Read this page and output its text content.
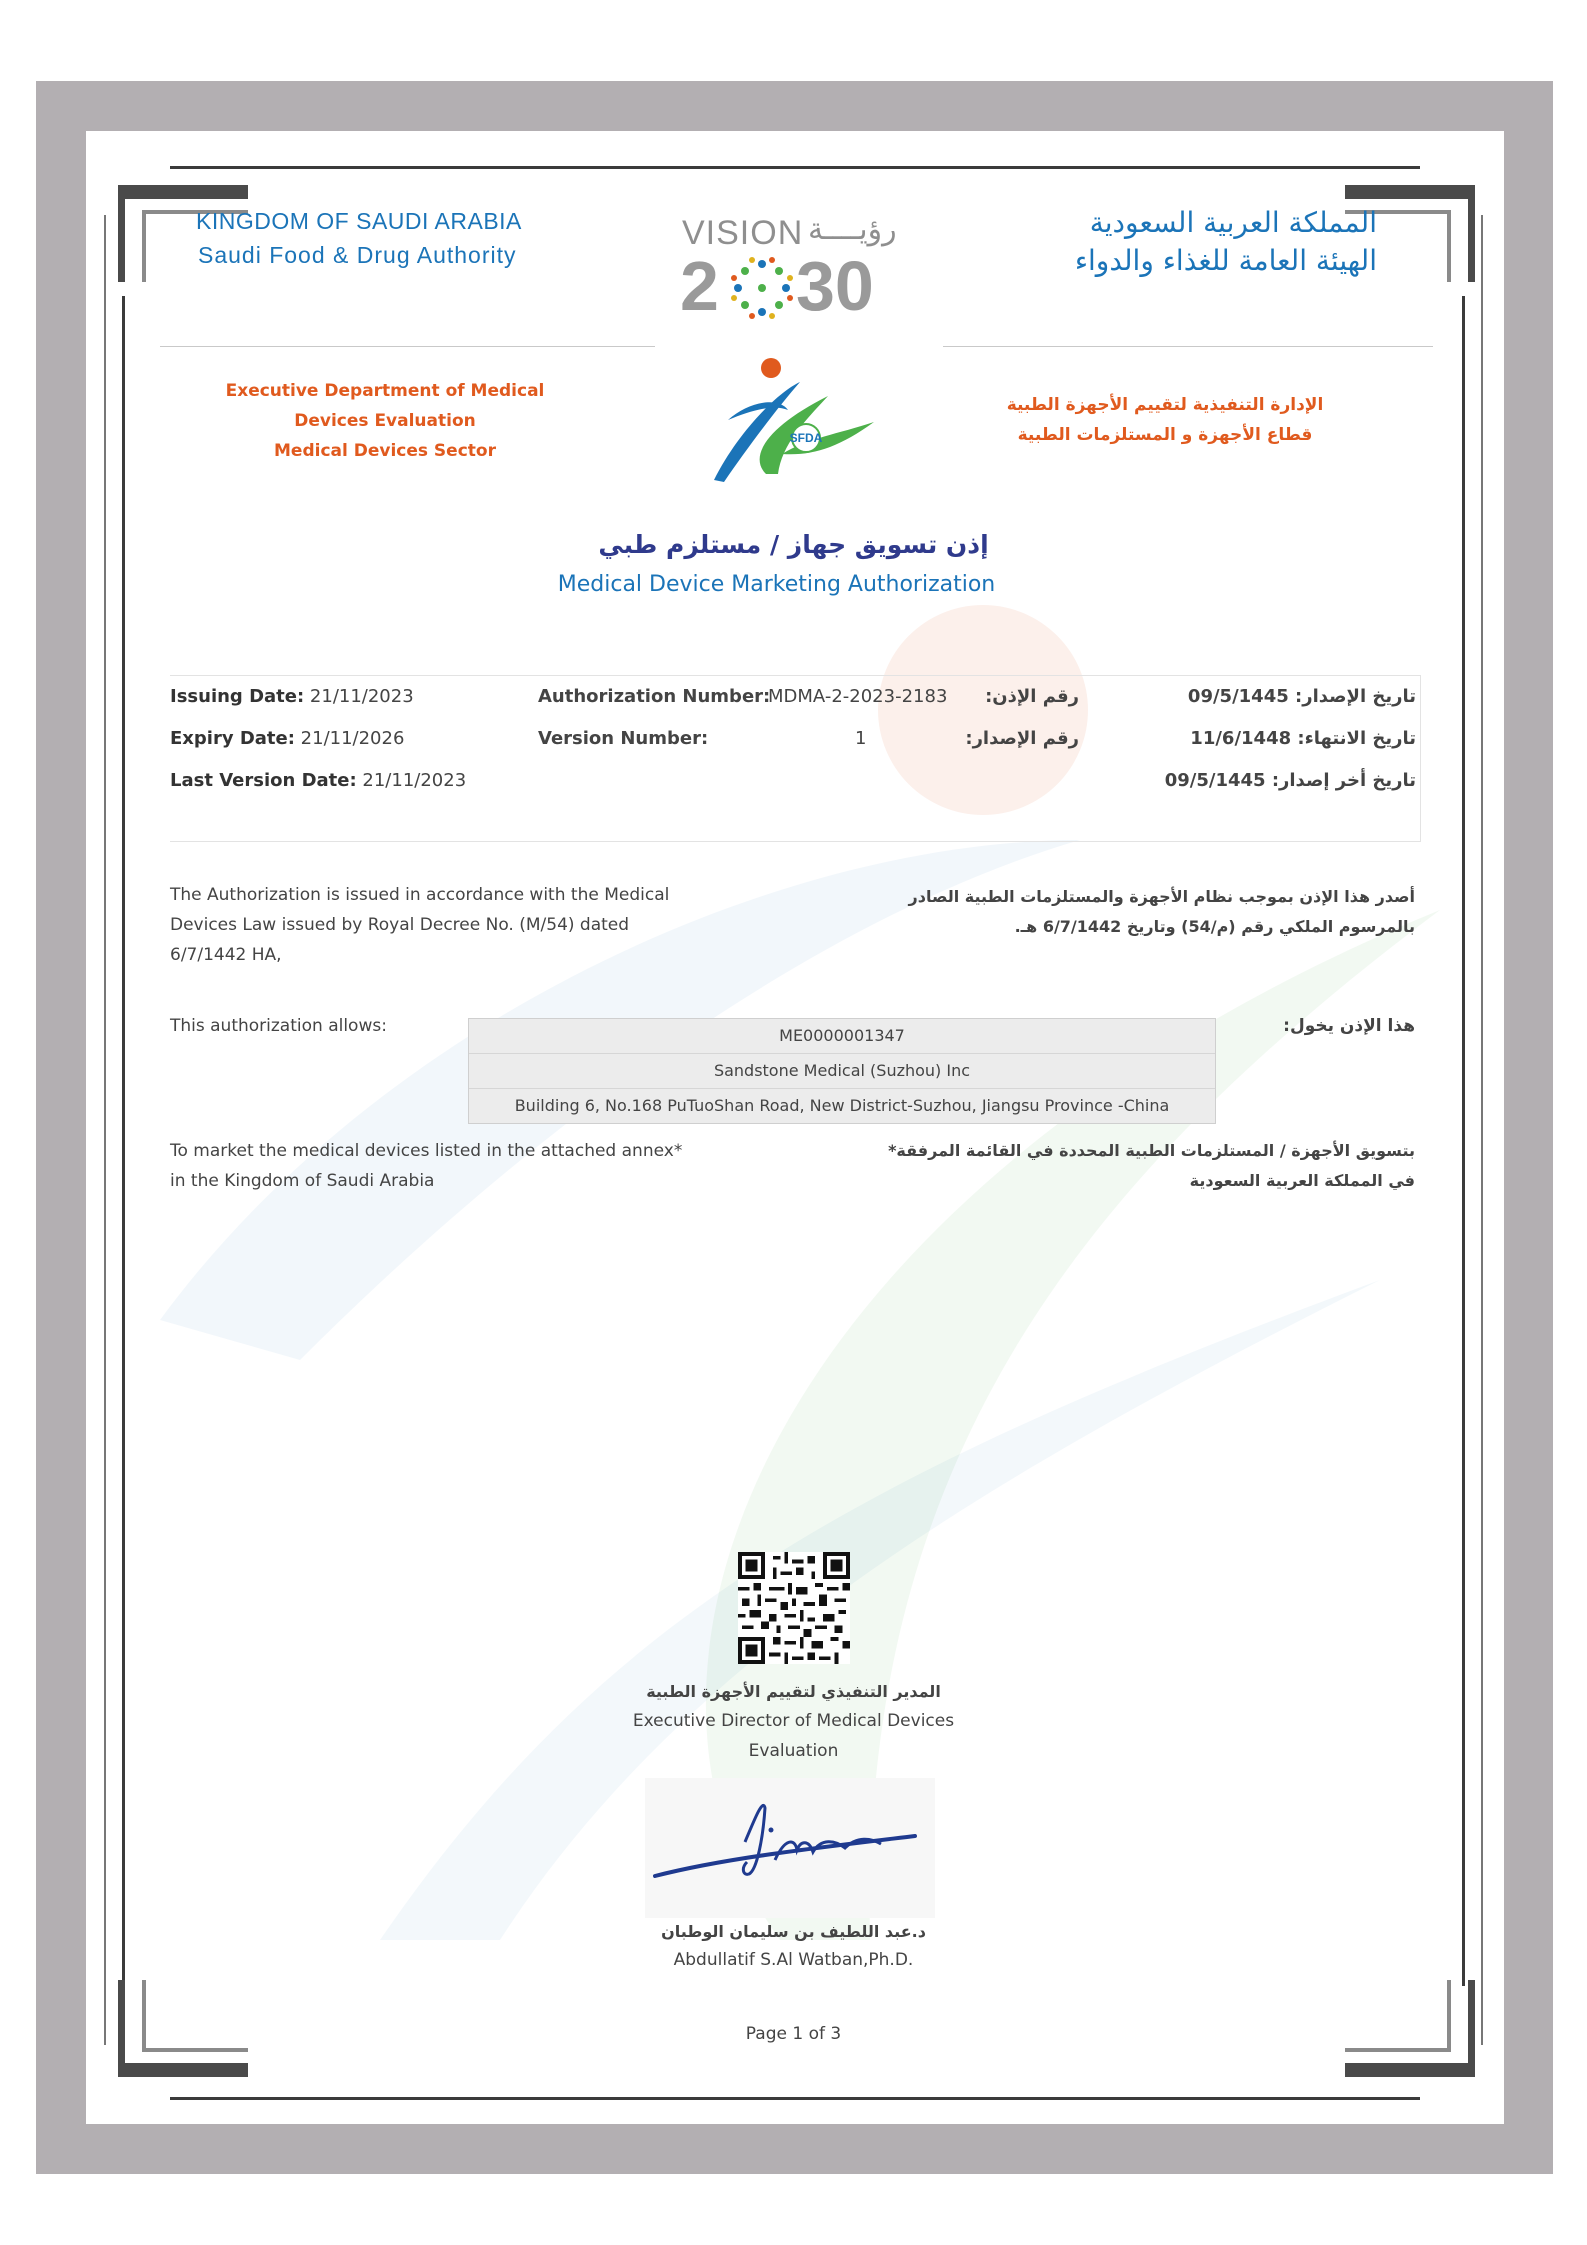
KINGDOM OF SAUDI ARABIA
Saudi Food & Drug Authority
المملكة العربية السعودية
الهيئة العامة للغذاء والدواء
VISION رؤيــــة
2 30
Executive Department of Medical
Devices Evaluation
Medical Devices Sector
SFDA
الإدارة التنفيذية لتقييم الأجهزة الطبية
قطاع الأجهزة و المستلزمات الطبية
إذن تسويق جهاز / مستلزم طبي
Medical Device Marketing Authorization
Issuing Date: 21/11/2023
Expiry Date: 21/11/2026
Last Version Date: 21/11/2023
Authorization Number:
MDMA-2-2023-2183
Version Number:	1
رقم الإذن:
رقم الإصدار:
تاريخ الإصدار: 09/5/1445
تاريخ الانتهاء: 11/6/1448
تاريخ أخر إصدار: 09/5/1445
The Authorization is issued in accordance with the Medical
Devices Law issued by Royal Decree No. (M/54) dated
6/7/1442 HA,
أصدر هذا الإذن بموجب نظام الأجهزة والمستلزمات الطبية الصادر
بالمرسوم الملكي رقم (م/54) وتاريخ 6/7/1442 هـ.
This authorization allows:	هذا الإذن يخول:
ME0000001347
Sandstone Medical (Suzhou) Inc
Building 6, No.168 PuTuoShan Road, New District-Suzhou, Jiangsu Province -China
To market the medical devices listed in the attached annex*
in the Kingdom of Saudi Arabia
بتسويق الأجهزة / المستلزمات الطبية المحددة في القائمة المرفقة*
في المملكة العربية السعودية
المدير التنفيذي لتقييم الأجهزة الطبية
Executive Director of Medical Devices
Evaluation
د.عبد اللطيف بن سليمان الوطبان
Abdullatif S.Al Watban,Ph.D.
Page 1 of 3
